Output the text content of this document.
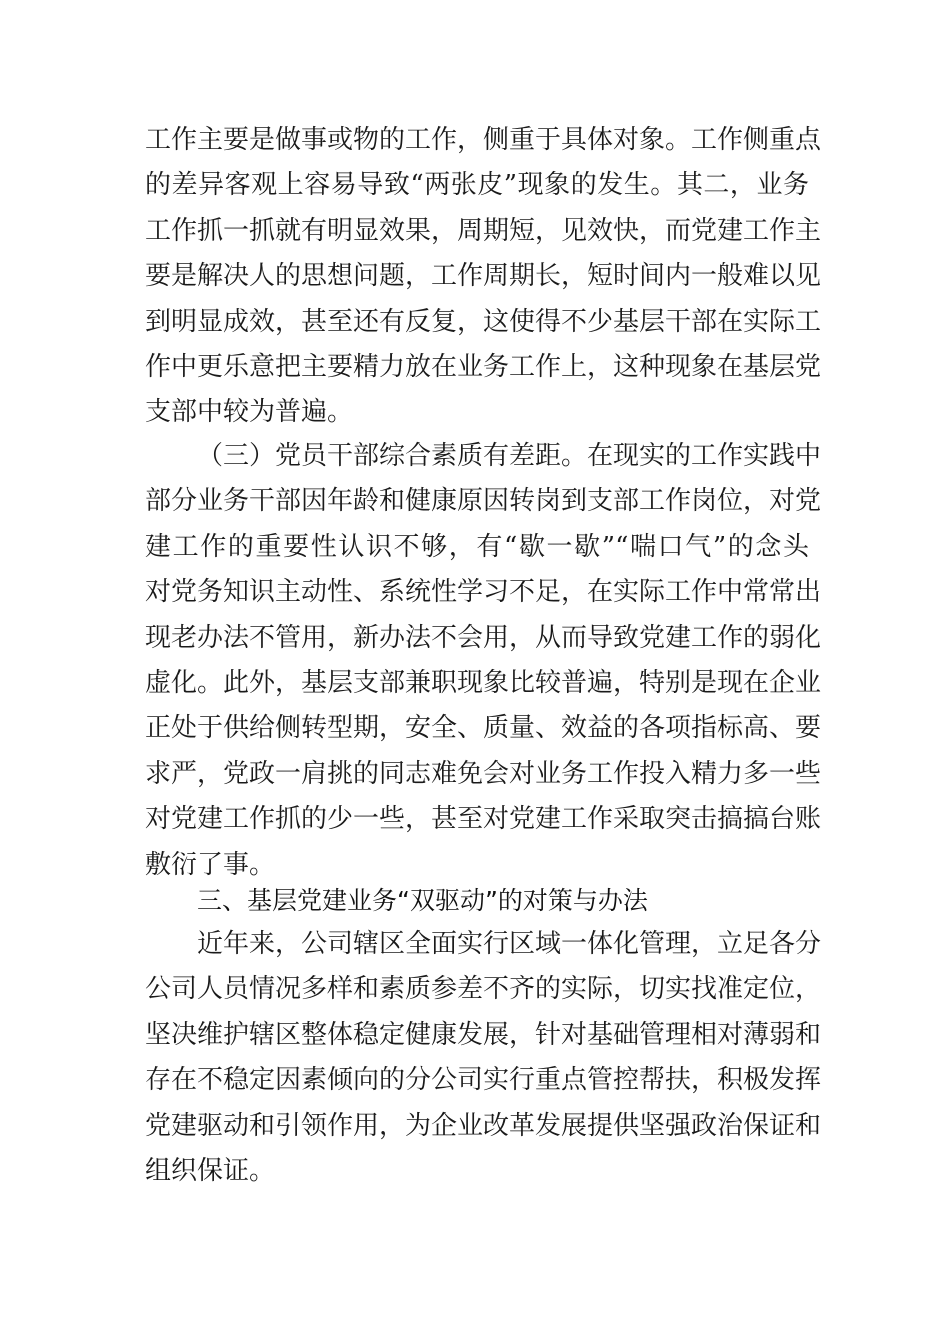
工作主要是做事或物的工作，侧重于具体对象。工作侧重点
的差异客观上容易导致“两张皮”现象的发生。其二，业务
工作抓一抓就有明显效果，周期短，见效快，而党建工作主
要是解决人的思想问题，工作周期长，短时间内一般难以见
到明显成效，甚至还有反复，这使得不少基层干部在实际工
作中更乐意把主要精力放在业务工作上，这种现象在基层党
支部中较为普遍。
（三）党员干部综合素质有差距。在现实的工作实践中
部分业务干部因年龄和健康原因转岗到支部工作岗位，对党
建工作的重要性认识不够，有“歇一歇”“喘口气”的念头
对党务知识主动性、系统性学习不足，在实际工作中常常出
现老办法不管用，新办法不会用，从而导致党建工作的弱化
虚化。此外，基层支部兼职现象比较普遍，特别是现在企业
正处于供给侧转型期，安全、质量、效益的各项指标高、要
求严，党政一肩挑的同志难免会对业务工作投入精力多一些
对党建工作抓的少一些，甚至对党建工作采取突击搞搞台账
敷衍了事。
三、基层党建业务“双驱动”的对策与办法
近年来，公司辖区全面实行区域一体化管理，立足各分
公司人员情况多样和素质参差不齐的实际，切实找准定位，
坚决维护辖区整体稳定健康发展，针对基础管理相对薄弱和
存在不稳定因素倾向的分公司实行重点管控帮扶，积极发挥
党建驱动和引领作用，为企业改革发展提供坚强政治保证和
组织保证。
